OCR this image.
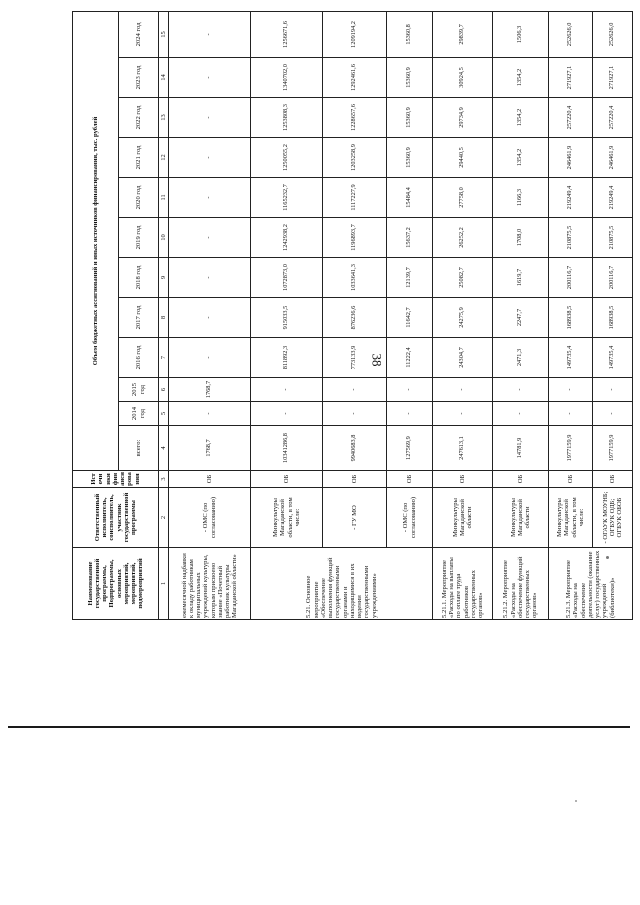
38
Наименование государственной программы, Подпрограммы, основных мероприятий, мероприятий, подмероприятий	Ответственный исполнитель, соисполнитель, участник государственной программы	Источники финансирования	Объем бюджетных ассигнований и иных источников финансирования, тыс. рублей											
			всего:	2014 год	2015 год	2016 год	2017 год	2018 год	2019 год	2020 год	2021 год	2022 год	2023 год	2024 год
1	2	3	4	5	6	7	8	9	10	11	12	13	14	15
ежемесячной надбавки к окладу работникам муниципальных учреждений культуры, которым присвоено звание «Почетный работник культуры Магаданской области»	- ОМС (по согласованию)	ОБ	1768,7	-	1768,7	-	-	-	-	-	-	-	-	-
5.21. Основное мероприятие «Обеспечение выполнения функций государственными органами и находящимися в их ведении государственными учреждениями»	Минкультуры Магаданской области, в том числе:	ОБ	10341286,8	-	-	811892,3	915033,5	1072873,0	1242938,2	1165232,7	1250055,2	1253808,3	1340702,0	1256671,6
	- ГУ МО	ОБ	9940683,8	-	-	773133,9	876236,6	1033641,3	1196893,7	1117227,9	1203258,9	1228657,6	1292461,6	1209194,2
	- ОМС (по согласованию)	ОБ	127569,9	-	-	11222,4	11642,7	12139,7	15637,2	15484,4	15360,9	15360,9	15360,9	15360,8
5.21.1. Мероприятие «Расходы на выплаты по оплате труда работников государственных органов»	Минкультуры Магаданской области	ОБ	247613,1	-	-	24304,7	24275,9	25082,7	26252,2	27758,0	29440,5	29734,9	30924,5	29839,7
5.21.2. Мероприятие «Расходы на обеспечение функций государственных органов»	Минкультуры Магаданской области	ОБ	14781,9	-	-	2471,3	2247,7	1619,7	1708,0	1166,3	1354,2	1354,2	1354,2	1506,3
5.21.3. Мероприятие «Расходы на обеспечение деятельности (оказание услуг) государственных учреждений (библиотеки)»	Минкультуры Магаданской области, в том числе:	ОБ	1977159,9	-	-	149735,4	168938,5	200116,7	210875,5	219249,4	246461,9	257220,4	271927,1	252626,0
	- ОГАУК МОУНБ; ОГБУК ОДБ; ОГБУК ОБОБ	ОБ	1977159,9	-	-	149735,4	168938,5	200116,7	210875,5	219249,4	246461,9	257220,4	271927,1	252626,0
